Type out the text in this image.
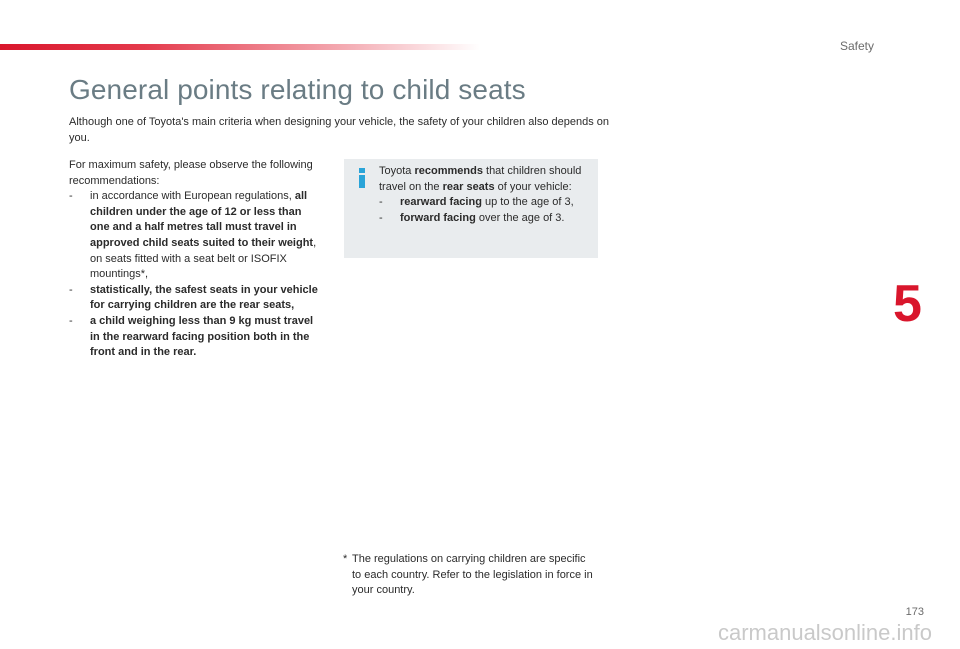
Safety
General points relating to child seats
Although one of Toyota's main criteria when designing your vehicle, the safety of your children also depends on you.

For maximum safety, please observe the following recommendations:

- in accordance with European regulations, all children under the age of 12 or less than one and a half metres tall must travel in approved child seats suited to their weight, on seats fitted with a seat belt or ISOFIX mountings*,
- statistically, the safest seats in your vehicle for carrying children are the rear seats,
- a child weighing less than 9 kg must travel in the rearward facing position both in the front and in the rear.
Toyota recommends that children should travel on the rear seats of your vehicle:
- rearward facing up to the age of 3,
- forward facing over the age of 3.
5
* The regulations on carrying children are specific to each country. Refer to the legislation in force in your country.
173
carmanualsonline.info
